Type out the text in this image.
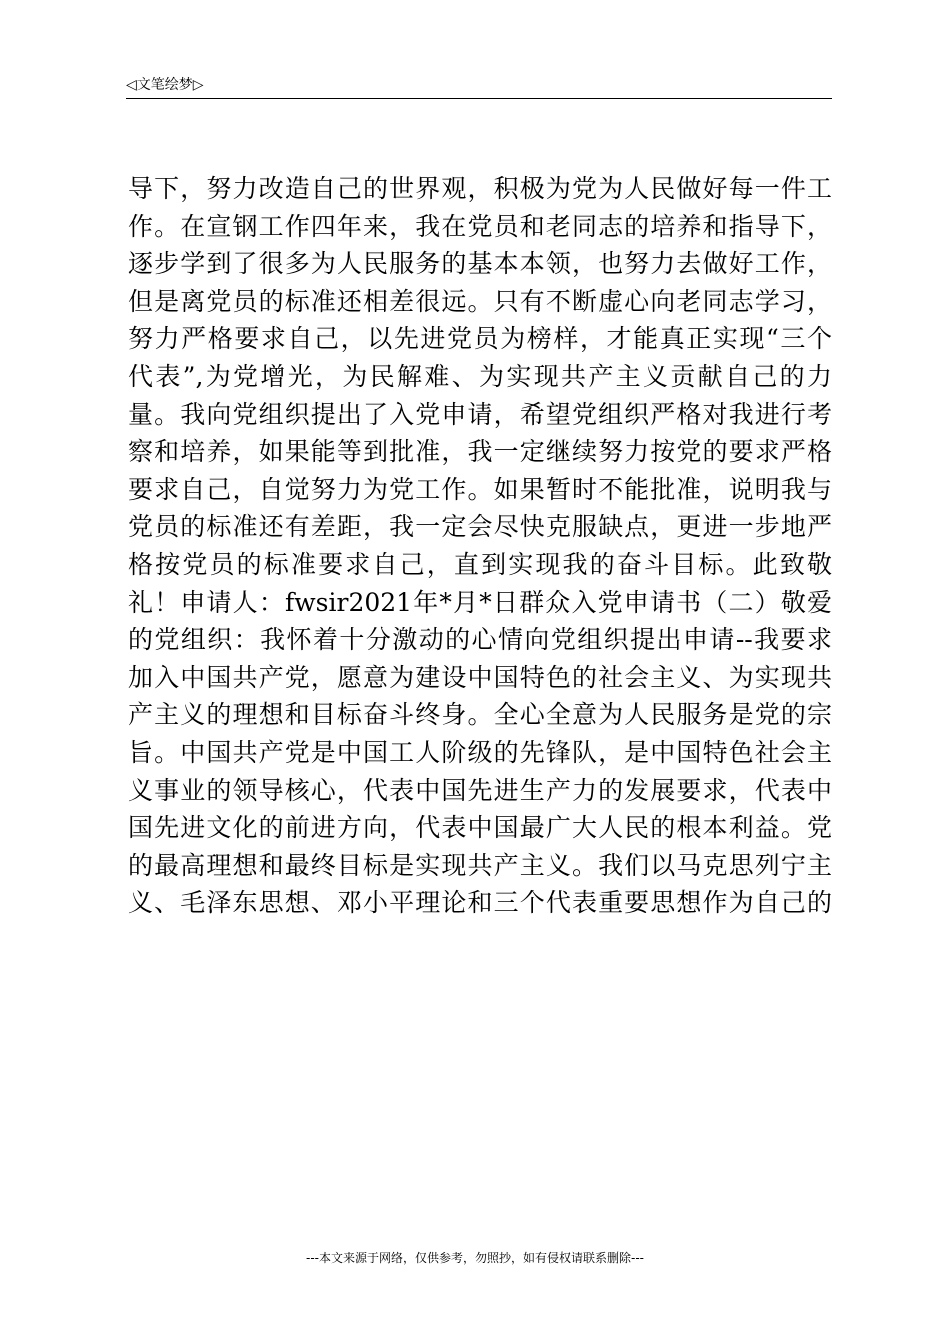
◁文笔绘梦▷
导下，努力改造自己的世界观，积极为党为人民做好每一件工
作。在宣钢工作四年来，我在党员和老同志的培养和指导下，
逐步学到了很多为人民服务的基本本领，也努力去做好工作，
但是离党员的标准还相差很远。只有不断虚心向老同志学习，
努力严格要求自己，以先进党员为榜样，才能真正实现“三个
代表”,为党增光，为民解难、为实现共产主义贡献自己的力
量。我向党组织提出了入党申请，希望党组织严格对我进行考
察和培养，如果能等到批准，我一定继续努力按党的要求严格
要求自己，自觉努力为党工作。如果暂时不能批准，说明我与
党员的标准还有差距，我一定会尽快克服缺点，更进一步地严
格按党员的标准要求自己，直到实现我的奋斗目标。此致敬
礼！申请人：fwsir2021年*月*日群众入党申请书（二）敬爱
的党组织：我怀着十分激动的心情向党组织提出申请--我要求
加入中国共产党，愿意为建设中国特色的社会主义、为实现共
产主义的理想和目标奋斗终身。全心全意为人民服务是党的宗
旨。中国共产党是中国工人阶级的先锋队，是中国特色社会主
义事业的领导核心，代表中国先进生产力的发展要求，代表中
国先进文化的前进方向，代表中国最广大人民的根本利益。党
的最高理想和最终目标是实现共产主义。我们以马克思列宁主
义、毛泽东思想、邓小平理论和三个代表重要思想作为自己的
---本文来源于网络，仅供参考，勿照抄，如有侵权请联系删除---
